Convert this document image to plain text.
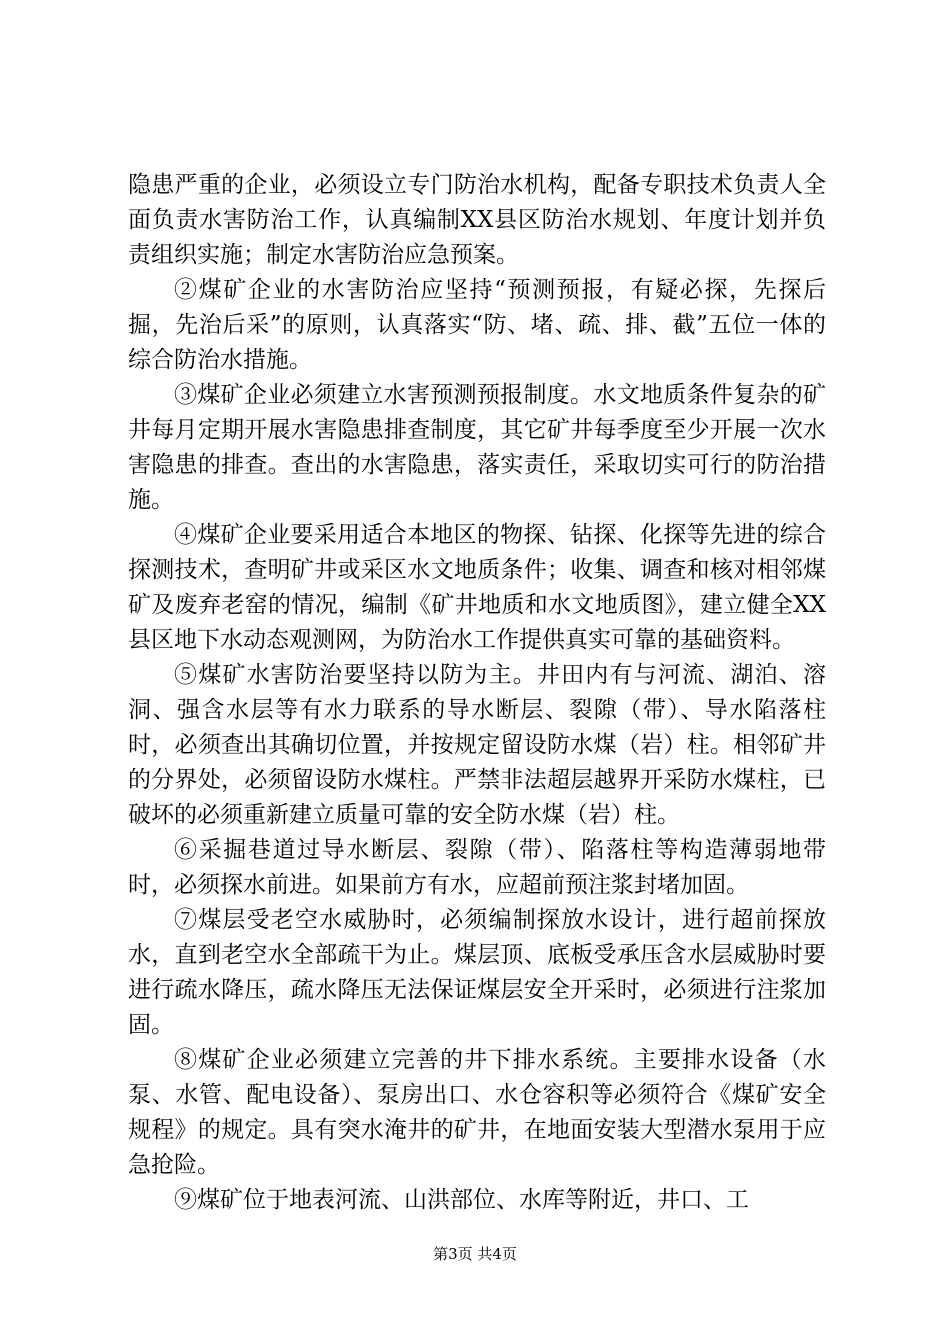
隐患严重的企业，必须设立专门防治水机构，配备专职技术负责人全面负责水害防治工作，认真编制XX县区防治水规划、年度计划并负责组织实施；制定水害防治应急预案。

②煤矿企业的水害防治应坚持“预测预报，有疑必探，先探后掘，先治后采”的原则，认真落实“防、堵、疏、排、截”五位一体的综合防治水措施。

③煤矿企业必须建立水害预测预报制度。水文地质条件复杂的矿井每月定期开展水害隐患排查制度，其它矿井每季度至少开展一次水害隐患的排查。查出的水害隐患，落实责任，采取切实可行的防治措施。

④煤矿企业要采用适合本地区的物探、钻探、化探等先进的综合探测技术，查明矿井或采区水文地质条件；收集、调查和核对相邻煤矿及废弃老窑的情况，编制《矿井地质和水文地质图》，建立健全XX县区地下水动态观测网，为防治水工作提供真实可靠的基础资料。

⑤煤矿水害防治要坚持以防为主。井田内有与河流、湖泊、溶洞、强含水层等有水力联系的导水断层、裂隙（带）、导水陷落柱时，必须查出其确切位置，并按规定留设防水煤（岩）柱。相邻矿井的分界处，必须留设防水煤柱。严禁非法超层越界开采防水煤柱，已破坏的必须重新建立质量可靠的安全防水煤（岩）柱。

⑥采掘巷道过导水断层、裂隙（带）、陷落柱等构造薄弱地带时，必须探水前进。如果前方有水，应超前预注浆封堵加固。

⑦煤层受老空水威胁时，必须编制探放水设计，进行超前探放水，直到老空水全部疏干为止。煤层顶、底板受承压含水层威胁时要进行疏水降压，疏水降压无法保证煤层安全开采时，必须进行注浆加固。

⑧煤矿企业必须建立完善的井下排水系统。主要排水设备（水泵、水管、配电设备）、泵房出口、水仓容积等必须符合《煤矿安全规程》的规定。具有突水淹井的矿井，在地面安装大型潜水泵用于应急抢险。

⑨煤矿位于地表河流、山洪部位、水库等附近，井口、工

第3页 共4页
